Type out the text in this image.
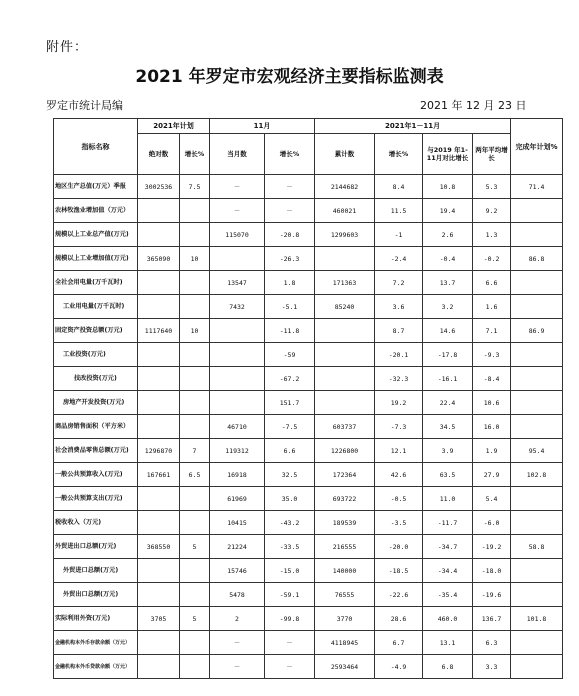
附件：
2021 年罗定市宏观经济主要指标监测表
罗定市统计局编	2021 年 12 月 23 日
指标名称	2021年计划		11月		2021年1－11月				完成年计划%
	绝对数	增长%	当月数	增长%	累计数	增长%	与2019 年1-11月对比增长	两年平均增长	
地区生产总值(万元）季报	3002536	7.5	－	－	2144682	8.4	10.8	5.3	71.4
农林牧渔业增加值（万元）			－	－	460021	11.5	19.4	9.2	
规模以上工业总产值(万元)			115070	-20.8	1299603	-1	2.6	1.3	
规模以上工业增加值(万元)	365090	10		-26.3		-2.4	-0.4	-0.2	86.8
全社会用电量(万千瓦时)			13547	1.8	171363	7.2	13.7	6.6	
工业用电量(万千瓦时)			7432	-5.1	85240	3.6	3.2	1.6	
固定资产投资总额(万元)	1117640	10		-11.8		8.7	14.6	7.1	86.9
工业投资(万元)				-59		-20.1	-17.8	-9.3	
技改投资(万元)				-67.2		-32.3	-16.1	-8.4	
房地产开发投资(万元)				151.7		19.2	22.4	10.6	
商品房销售面积（平方米）			46710	-7.5	603737	-7.3	34.5	16.0	
社会消费品零售总额(万元)	1296870	7	119312	6.6	1226800	12.1	3.9	1.9	95.4
一般公共预算收入(万元)	167661	6.5	16918	32.5	172364	42.6	63.5	27.9	102.8
一般公共预算支出(万元)			61969	35.0	693722	-0.5	11.0	5.4	
税收收入（万元)			10415	-43.2	189539	-3.5	-11.7	-6.0	
外贸进出口总额(万元)	368550	5	21224	-33.5	216555	-20.0	-34.7	-19.2	58.8
外贸进口总额(万元)			15746	-15.0	140000	-18.5	-34.4	-18.0	
外贸出口总额(万元)			5478	-59.1	76555	-22.6	-35.4	-19.6	
实际利用外资(万元)	3705	5	2	-99.8	3770	28.6	460.0	136.7	101.8
金融机构本外币存款余额（万元）			－	－	4118945	6.7	13.1	6.3	
金融机构本外币贷款余额（万元）			－	－	2593464	-4.9	6.8	3.3	
